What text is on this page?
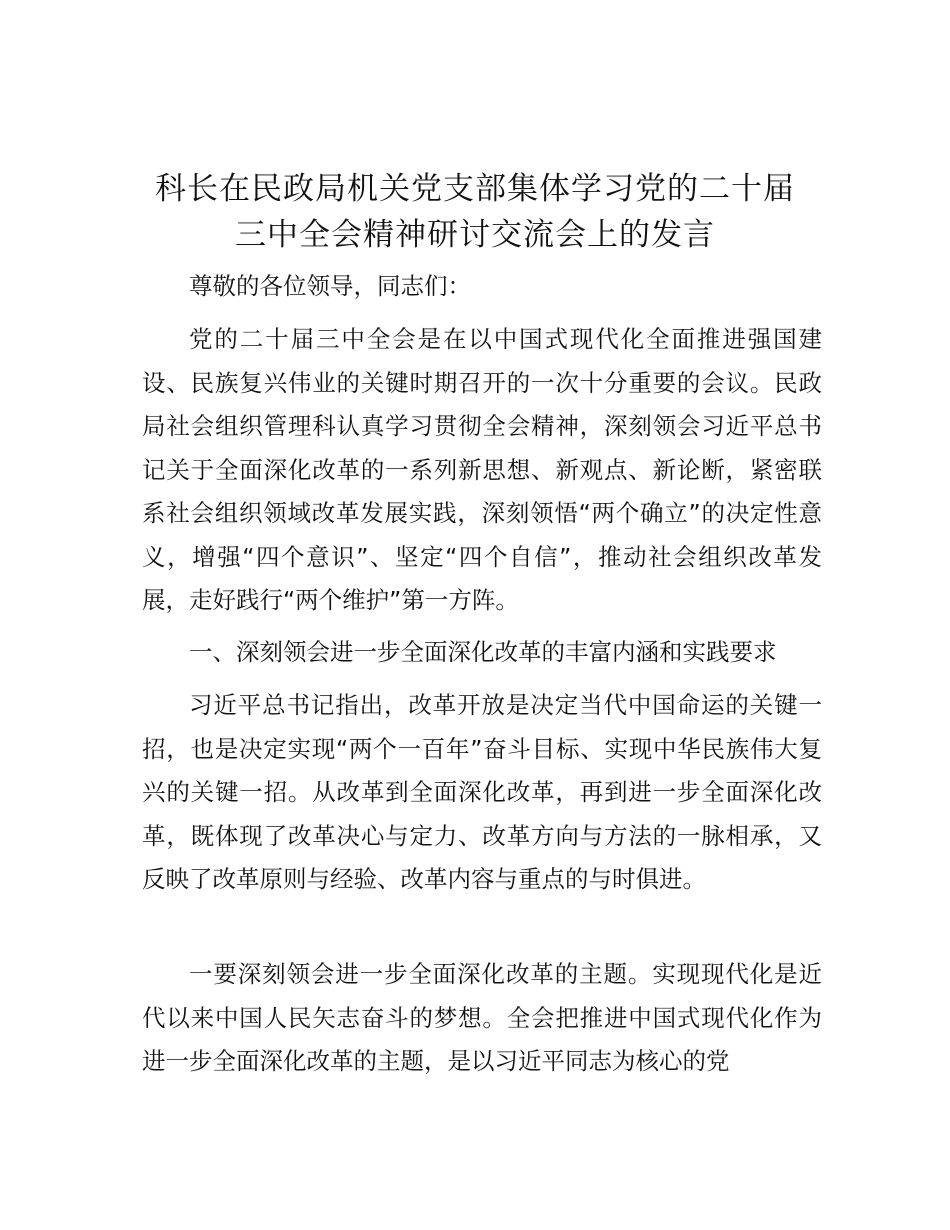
科长在民政局机关党支部集体学习党的二十届
三中全会精神研讨交流会上的发言

尊敬的各位领导，同志们：

党的二十届三中全会是在以中国式现代化全面推进强国建设、民族复兴伟业的关键时期召开的一次十分重要的会议。民政局社会组织管理科认真学习贯彻全会精神，深刻领会习近平总书记关于全面深化改革的一系列新思想、新观点、新论断，紧密联系社会组织领域改革发展实践，深刻领悟“两个确立”的决定性意义，增强“四个意识”、坚定“四个自信”，推动社会组织改革发展，走好践行“两个维护”第一方阵。

一、深刻领会进一步全面深化改革的丰富内涵和实践要求

习近平总书记指出，改革开放是决定当代中国命运的关键一招，也是决定实现“两个一百年”奋斗目标、实现中华民族伟大复兴的关键一招。从改革到全面深化改革，再到进一步全面深化改革，既体现了改革决心与定力、改革方向与方法的一脉相承，又反映了改革原则与经验、改革内容与重点的与时俱进。

一要深刻领会进一步全面深化改革的主题。实现现代化是近代以来中国人民矢志奋斗的梦想。全会把推进中国式现代化作为进一步全面深化改革的主题，是以习近平同志为核心的党
